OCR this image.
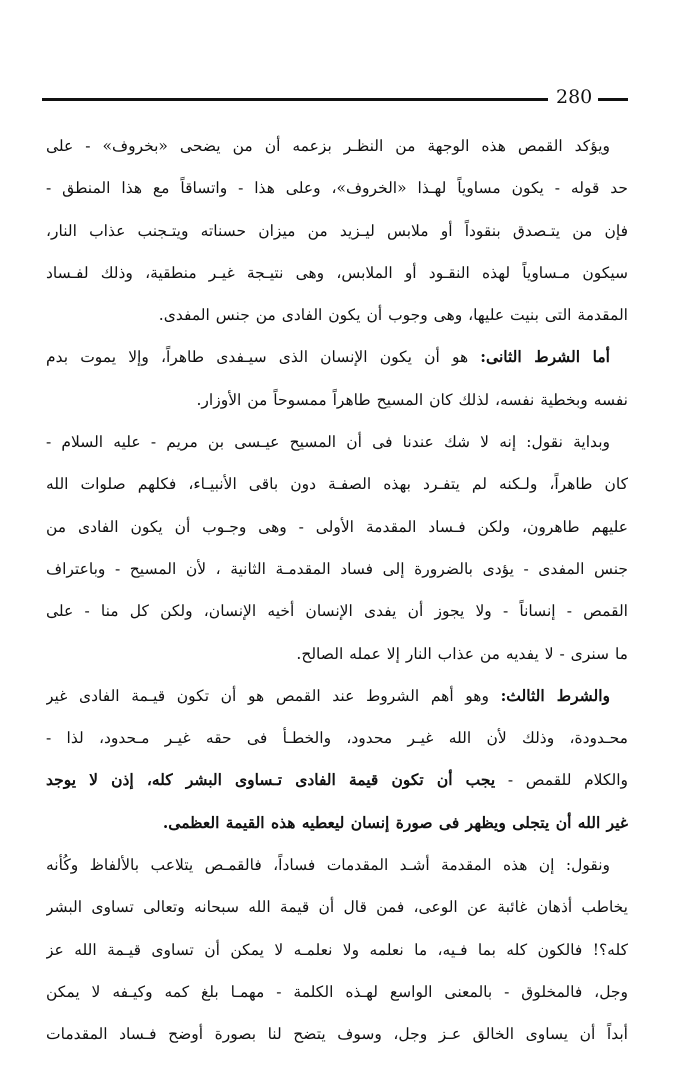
280
ويؤكد القمص هذه الوجهة من النظـر بزعمه أن من يضحى «بخروف» - على
حد قوله - يكون مساوياً لهـذا «الخروف»، وعلى هذا - واتساقاً مع هذا المنطق -
فإن من يتـصدق بنقوداً أو ملابس ليـزيد من ميزان حسناته ويتـجنب عذاب النار،
سيكون مـساوياً لهذه النقـود أو الملابس، وهى نتيـجة غيـر منطقية، وذلك لفـساد
المقدمة التى بنيت عليها، وهى وجوب أن يكون الفادى من جنس المفدى.
أما الشرط الثانى: هو أن يكون الإنسان الذى سيـفدى طاهراً، وإلا يموت بدم
نفسه وبخطية نفسه، لذلك كان المسيح طاهراً ممسوحاً من الأوزار.
وبداية نقول: إنه لا شك عندنا فى أن المسيح عيـسى بن مريم - عليه السلام -
كان طاهراً، ولـكنه لم يتفـرد بهذه الصفـة دون باقى الأنبيـاء، فكلهم صلوات الله
عليهم طاهرون، ولكن فـساد المقدمة الأولى - وهى وجـوب أن يكون الفادى من
جنس المفدى - يؤدى بالضرورة إلى فساد المقدمـة الثانية ، لأن المسيح - وباعتراف
القمص - إنساناً - ولا يجوز أن يفدى الإنسان أخيه الإنسان، ولكن كل منا - على
ما سنرى - لا يفديه من عذاب النار إلا عمله الصالح.
والشرط الثالث: وهو أهم الشروط عند القمص هو أن تكون قيـمة الفادى غير
محـدودة، وذلك لأن الله غيـر محدود، والخطـأ فى حقه غيـر مـحدود، لذا -
والكلام للقمص - يجب أن تكون قيمة الفادى تـساوى البشر كله، إذن لا يوجد
غير الله أن يتجلى ويظهر فى صورة إنسان ليعطيه هذه القيمة العظمى.
ونقول: إن هذه المقدمة أشـد المقدمات فساداً، فالقمـص يتلاعب بالألفاظ وكُأنه
يخاطب أذهان غائبة عن الوعى، فمن قال أن قيمة الله سبحانه وتعالى تساوى البشر
كله؟! فالكون كله بما فـيه، ما نعلمه ولا نعلمـه لا يمكن أن تساوى قيـمة الله عز
وجل، فالمخلوق - بالمعنى الواسع لهـذه الكلمة - مهمـا بلغ كمه وكيـفه لا يمكن
أبداً أن يساوى الخالق عـز وجل، وسوف يتضح لنا بصورة أوضح فـساد المقدمات
